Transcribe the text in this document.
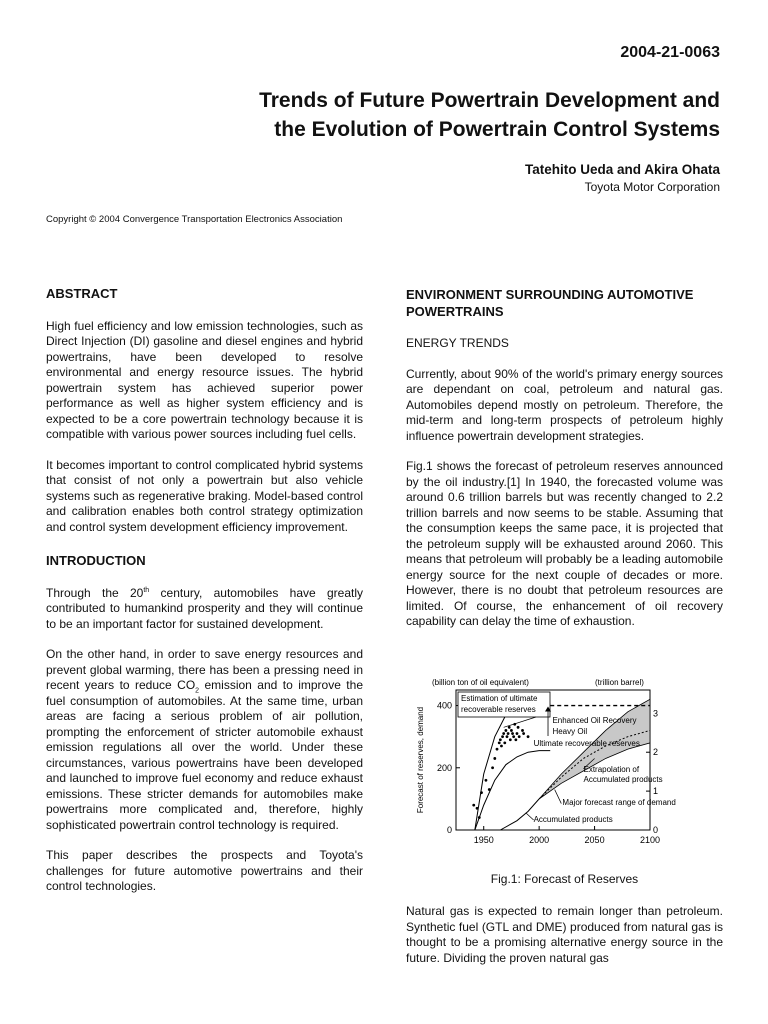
2004-21-0063
Trends of Future Powertrain Development and
the Evolution of Powertrain Control Systems
Tatehito Ueda and Akira Ohata
Toyota Motor Corporation
Copyright © 2004 Convergence Transportation Electronics Association

ABSTRACT

High fuel efficiency and low emission technologies, such as Direct Injection (DI) gasoline and diesel engines and hybrid powertrains, have been developed to resolve environmental and energy resource issues. The hybrid powertrain system has achieved superior power performance as well as higher system efficiency and is expected to be a core powertrain technology because it is compatible with various power sources including fuel cells.

It becomes important to control complicated hybrid systems that consist of not only a powertrain but also vehicle systems such as regenerative braking. Model-based control and calibration enables both control strategy optimization and control system development efficiency improvement.

INTRODUCTION

Through the 20th century, automobiles have greatly contributed to humankind prosperity and they will continue to be an important factor for sustained development.

On the other hand, in order to save energy resources and prevent global warming, there has been a pressing need in recent years to reduce $CO_2$ emission and to improve the fuel consumption of automobiles. At the same time, urban areas are facing a serious problem of air pollution, prompting the enforcement of stricter automobile exhaust emission regulations all over the world. Under these circumstances, various powertrains have been developed and launched to improve fuel economy and reduce exhaust emissions. These stricter demands for automobiles make powertrains more complicated and, therefore, highly sophisticated powertrain control technology is required.

This paper describes the prospects and Toyota's challenges for future automotive powertrains and their control technologies.

ENVIRONMENT SURROUNDING AUTOMOTIVE
POWERTRAINS

ENERGY TRENDS

Currently, about 90% of the world's primary energy sources are dependant on coal, petroleum and natural gas. Automobiles depend mostly on petroleum. Therefore, the mid-term and long-term prospects of petroleum highly influence powertrain development strategies.

Fig.1 shows the forecast of petroleum reserves announced by the oil industry.[1] In 1940, the forecasted volume was around 0.6 trillion barrels but was recently changed to 2.2 trillion barrels and now seems to be stable. Assuming that the consumption keeps the same pace, it is projected that the petroleum supply will be exhausted around 2060. This means that petroleum will probably be a leading automobile energy source for the next couple of decades or more. However, there is no doubt that petroleum resources are limited. Of course, the enhancement of oil recovery capability can delay the time of exhaustion.

1950	2000	2050	2100
0
200
400
0
1
2
3
(billion ton of oil equivalent)	(trillion barrel)
Forecast of reserves, demand
Estimation of ultimate
recoverable reserves
Enhanced Oil Recovery
Heavy Oil
Ultimate recoverable reserves
Extrapolation of
Accumulated products
Major forecast range of demand
Accumulated products
Fig.1: Forecast of Reserves

Natural gas is expected to remain longer than petroleum. Synthetic fuel (GTL and DME) produced from natural gas is thought to be a promising alternative energy source in the future. Dividing the proven natural gas
